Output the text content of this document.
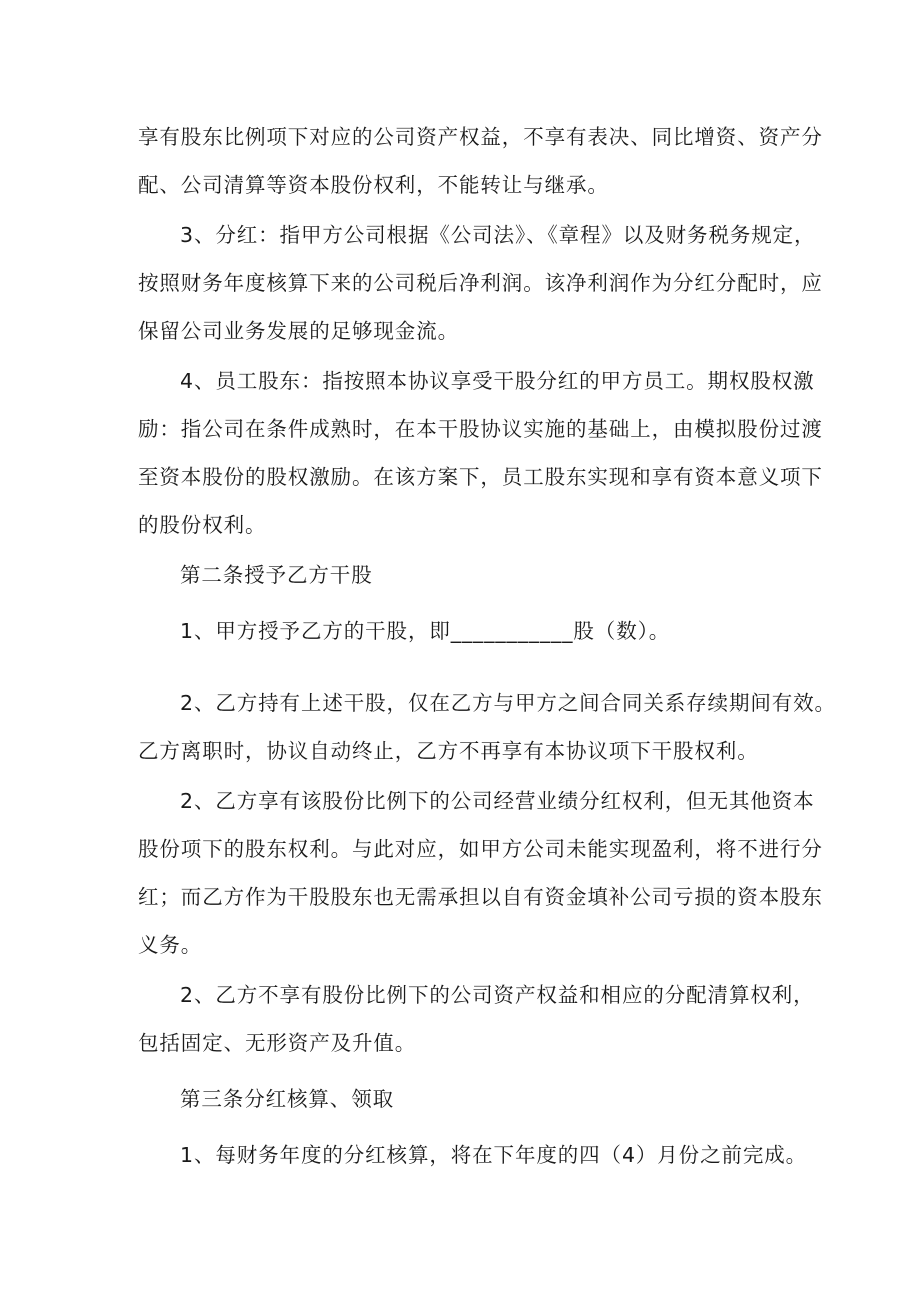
享有股东比例项下对应的公司资产权益，不享有表决、同比增资、资产分
配、公司清算等资本股份权利，不能转让与继承。
3、分红：指甲方公司根据《公司法》、《章程》以及财务税务规定，
按照财务年度核算下来的公司税后净利润。该净利润作为分红分配时，应
保留公司业务发展的足够现金流。
4、员工股东：指按照本协议享受干股分红的甲方员工。期权股权激
励：指公司在条件成熟时，在本干股协议实施的基础上，由模拟股份过渡
至资本股份的股权激励。在该方案下，员工股东实现和享有资本意义项下
的股份权利。
第二条授予乙方干股
1、甲方授予乙方的干股，即___________股（数）。
2、乙方持有上述干股，仅在乙方与甲方之间合同关系存续期间有效。
乙方离职时，协议自动终止，乙方不再享有本协议项下干股权利。
2、乙方享有该股份比例下的公司经营业绩分红权利，但无其他资本
股份项下的股东权利。与此对应，如甲方公司未能实现盈利，将不进行分
红；而乙方作为干股股东也无需承担以自有资金填补公司亏损的资本股东
义务。
2、乙方不享有股份比例下的公司资产权益和相应的分配清算权利，
包括固定、无形资产及升值。
第三条分红核算、领取
1、每财务年度的分红核算，将在下年度的四（4）月份之前完成。
